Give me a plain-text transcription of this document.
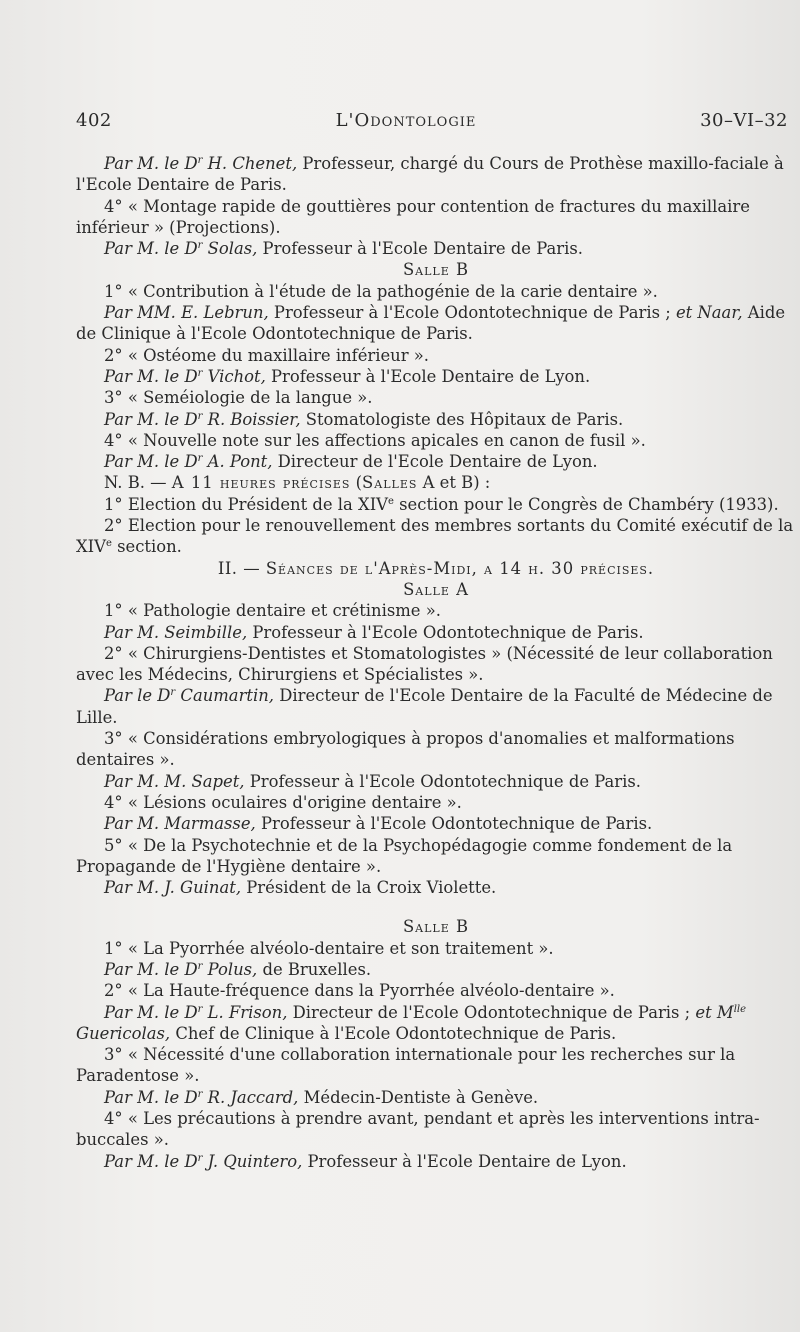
402	L'Odontologie	30–VI–32

Par M. le $D^r$ H. Chenet, Professeur, chargé du Cours de Prothèse maxillo-faciale à l'Ecole Dentaire de Paris.

4° « Montage rapide de gouttières pour contention de fractures du maxillaire inférieur » (Projections).

Par M. le $D^r$ Solas, Professeur à l'Ecole Dentaire de Paris.

Salle B

1° « Contribution à l'étude de la pathogénie de la carie dentaire ».

Par MM. E. Lebrun, Professeur à l'Ecole Odontotechnique de Paris ; et Naar, Aide de Clinique à l'Ecole Odontotechnique de Paris.

2° « Ostéome du maxillaire inférieur ».

Par M. le $D^r$ Vichot, Professeur à l'Ecole Dentaire de Lyon.

3° « Seméiologie de la langue ».

Par M. le $D^r$ R. Boissier, Stomatologiste des Hôpitaux de Paris.

4° « Nouvelle note sur les affections apicales en canon de fusil ».

Par M. le $D^r$ A. Pont, Directeur de l'Ecole Dentaire de Lyon.

N. B. — A 11 heures précises (Salles A et B) :

1° Election du Président de la XIVe section pour le Congrès de Chambéry (1933).

2° Election pour le renouvellement des membres sortants du Comité exécutif de la XIVe section.

II. — Séances de l'Après-Midi, a 14 h. 30 précises.

Salle A

1° « Pathologie dentaire et crétinisme ».

Par M. Seimbille, Professeur à l'Ecole Odontotechnique de Paris.

2° « Chirurgiens-Dentistes et Stomatologistes » (Nécessité de leur collaboration avec les Médecins, Chirurgiens et Spécialistes ».

Par le $D^r$ Caumartin, Directeur de l'Ecole Dentaire de la Faculté de Médecine de Lille.

3° « Considérations embryologiques à propos d'anomalies et malformations dentaires ».

Par M. M. Sapet, Professeur à l'Ecole Odontotechnique de Paris.

4° « Lésions oculaires d'origine dentaire ».

Par M. Marmasse, Professeur à l'Ecole Odontotechnique de Paris.

5° « De la Psychotechnie et de la Psychopédagogie comme fondement de la Propagande de l'Hygiène dentaire ».

Par M. J. Guinat, Président de la Croix Violette.

Salle B

1° « La Pyorrhée alvéolo-dentaire et son traitement ».

Par M. le $D^r$ Polus, de Bruxelles.

2° « La Haute-fréquence dans la Pyorrhée alvéolo-dentaire ».

Par M. le $D^r$ L. Frison, Directeur de l'Ecole Odontotechnique de Paris ; et $M^{lle}$ Guericolas, Chef de Clinique à l'Ecole Odontotechnique de Paris.

3° « Nécessité d'une collaboration internationale pour les recherches sur la Paradentose ».

Par M. le $D^r$ R. Jaccard, Médecin-Dentiste à Genève.

4° « Les précautions à prendre avant, pendant et après les interventions intra-buccales ».

Par M. le $D^r$ J. Quintero, Professeur à l'Ecole Dentaire de Lyon.
